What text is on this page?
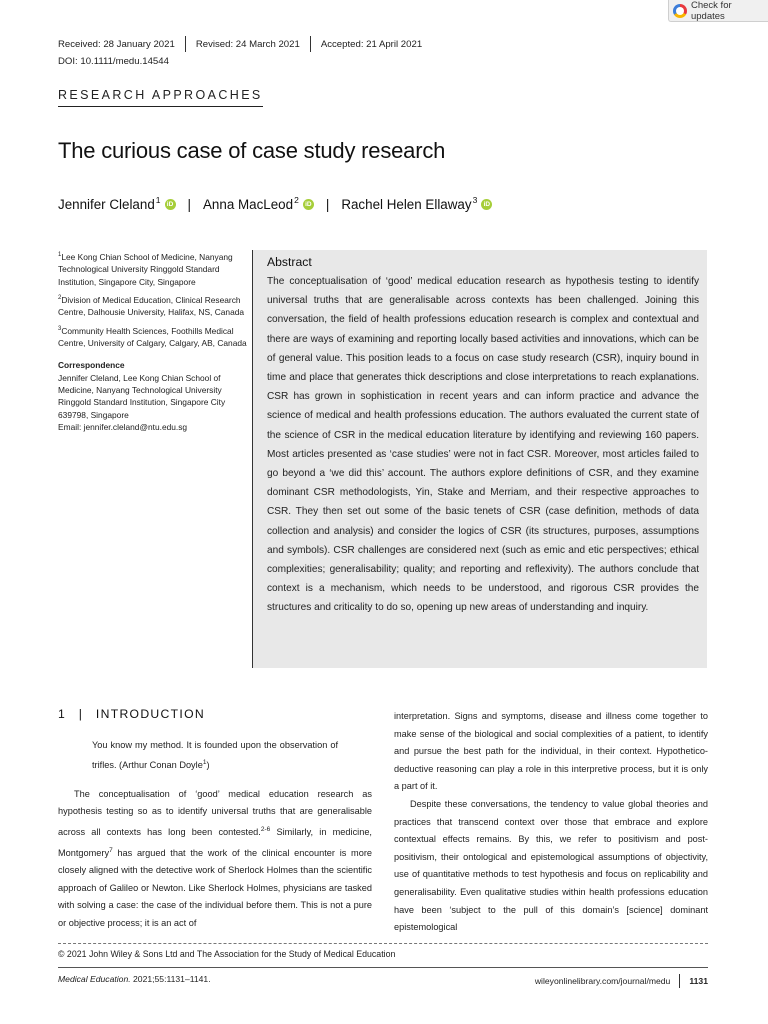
Check for updates
Received: 28 January 2021	Revised: 24 March 2021	Accepted: 21 April 2021
DOI: 10.1111/medu.14544
RESEARCH APPROACHES
The curious case of case study research
Jennifer Cleland$^1$ iD | Anna MacLeod$^2$ iD | Rachel Helen Ellaway$^3$ iD

$^1$Lee Kong Chian School of Medicine, Nanyang Technological University Ringgold Standard Institution, Singapore City, Singapore

$^2$Division of Medical Education, Clinical Research Centre, Dalhousie University, Halifax, NS, Canada

$^3$Community Health Sciences, Foothills Medical Centre, University of Calgary, Calgary, AB, Canada

Correspondence

Jennifer Cleland, Lee Kong Chian School of Medicine, Nanyang Technological University Ringgold Standard Institution, Singapore City 639798, Singapore

Email: jennifer.cleland@ntu.edu.sg

Abstract

The conceptualisation of ‘good’ medical education research as hypothesis testing to identify universal truths that are generalisable across contexts has been challenged. Joining this conversation, the field of health professions education research is complex and contextual and there are ways of examining and reporting locally based activities and innovations, which can be of general value. This position leads to a focus on case study research (CSR), inquiry bound in time and place that generates thick descriptions and close interpretations to reach explanations. CSR has grown in sophistication in recent years and can inform practice and advance the science of medical and health professions education. The authors evaluated the current state of the science of CSR in the medical education literature by identifying and reviewing 160 papers. Most articles presented as ‘case studies’ were not in fact CSR. Moreover, most articles failed to go beyond a ‘we did this’ account. The authors explore definitions of CSR, and they examine dominant CSR methodologists, Yin, Stake and Merriam, and their respective approaches to CSR. They then set out some of the basic tenets of CSR (case definition, methods of data collection and analysis) and consider the logics of CSR (its structures, purposes, assumptions and symbols). CSR challenges are considered next (such as emic and etic perspectives; ethical complexities; generalisability; quality; and reporting and reflexivity). The authors conclude that context is a mechanism, which needs to be understood, and rigorous CSR provides the structures and criticality to do so, opening up new areas of understanding and inquiry.

1 | INTRODUCTION

You know my method. It is founded upon the observation of trifles. (Arthur Conan Doyle$^1$)

The conceptualisation of ‘good’ medical education research as hypothesis testing so as to identify universal truths that are generalisable across all contexts has long been contested.$^{2-6}$ Similarly, in medicine, Montgomery$^7$ has argued that the work of the clinical encounter is more closely aligned with the detective work of Sherlock Holmes than the scientific approach of Galileo or Newton. Like Sherlock Holmes, physicians are tasked with solving a case: the case of the individual before them. This is not a pure or objective process; it is an act of

interpretation. Signs and symptoms, disease and illness come together to make sense of the biological and social complexities of a patient, to identify and pursue the best path for the individual, in their context. Hypothetico-deductive reasoning can play a role in this interpretive process, but it is only a part of it.

Despite these conversations, the tendency to value global theories and practices that transcend context over those that embrace and explore contextual effects remains. By this, we refer to positivism and post-positivism, their ontological and epistemological assumptions of objectivity, use of quantitative methods to test hypothesis and focus on replicability and generalisability. Even qualitative studies within health professions education have been ‘subject to the pull of this domain’s [science] dominant epistemological

© 2021 John Wiley & Sons Ltd and The Association for the Study of Medical Education
Medical Education. 2021;55:1131–1141.	wileyonlinelibrary.com/journal/medu 1131
